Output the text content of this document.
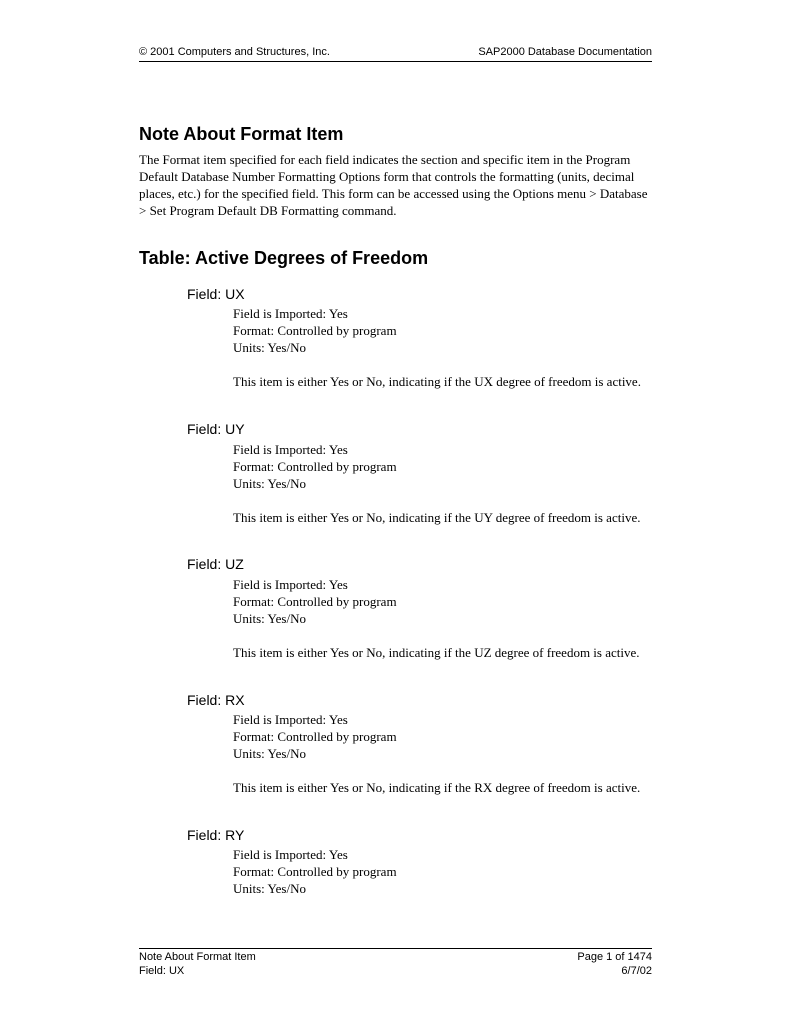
© 2001 Computers and Structures, Inc.	SAP2000 Database Documentation
Note About Format Item

The Format item specified for each field indicates the section and specific item in the Program Default Database Number Formatting Options form that controls the formatting (units, decimal places, etc.) for the specified field. This form can be accessed using the Options menu > Database > Set Program Default DB Formatting command.

Table: Active Degrees of Freedom

Field: UX

Field is Imported: Yes
Format: Controlled by program
Units: Yes/No
This item is either Yes or No, indicating if the UX degree of freedom is active.

Field: UY

Field is Imported: Yes
Format: Controlled by program
Units: Yes/No
This item is either Yes or No, indicating if the UY degree of freedom is active.

Field: UZ

Field is Imported: Yes
Format: Controlled by program
Units: Yes/No
This item is either Yes or No, indicating if the UZ degree of freedom is active.

Field: RX

Field is Imported: Yes
Format: Controlled by program
Units: Yes/No
This item is either Yes or No, indicating if the RX degree of freedom is active.

Field: RY

Field is Imported: Yes
Format: Controlled by program
Units: Yes/No
Note About Format Item
Field: UX
Page 1 of 1474
6/7/02
